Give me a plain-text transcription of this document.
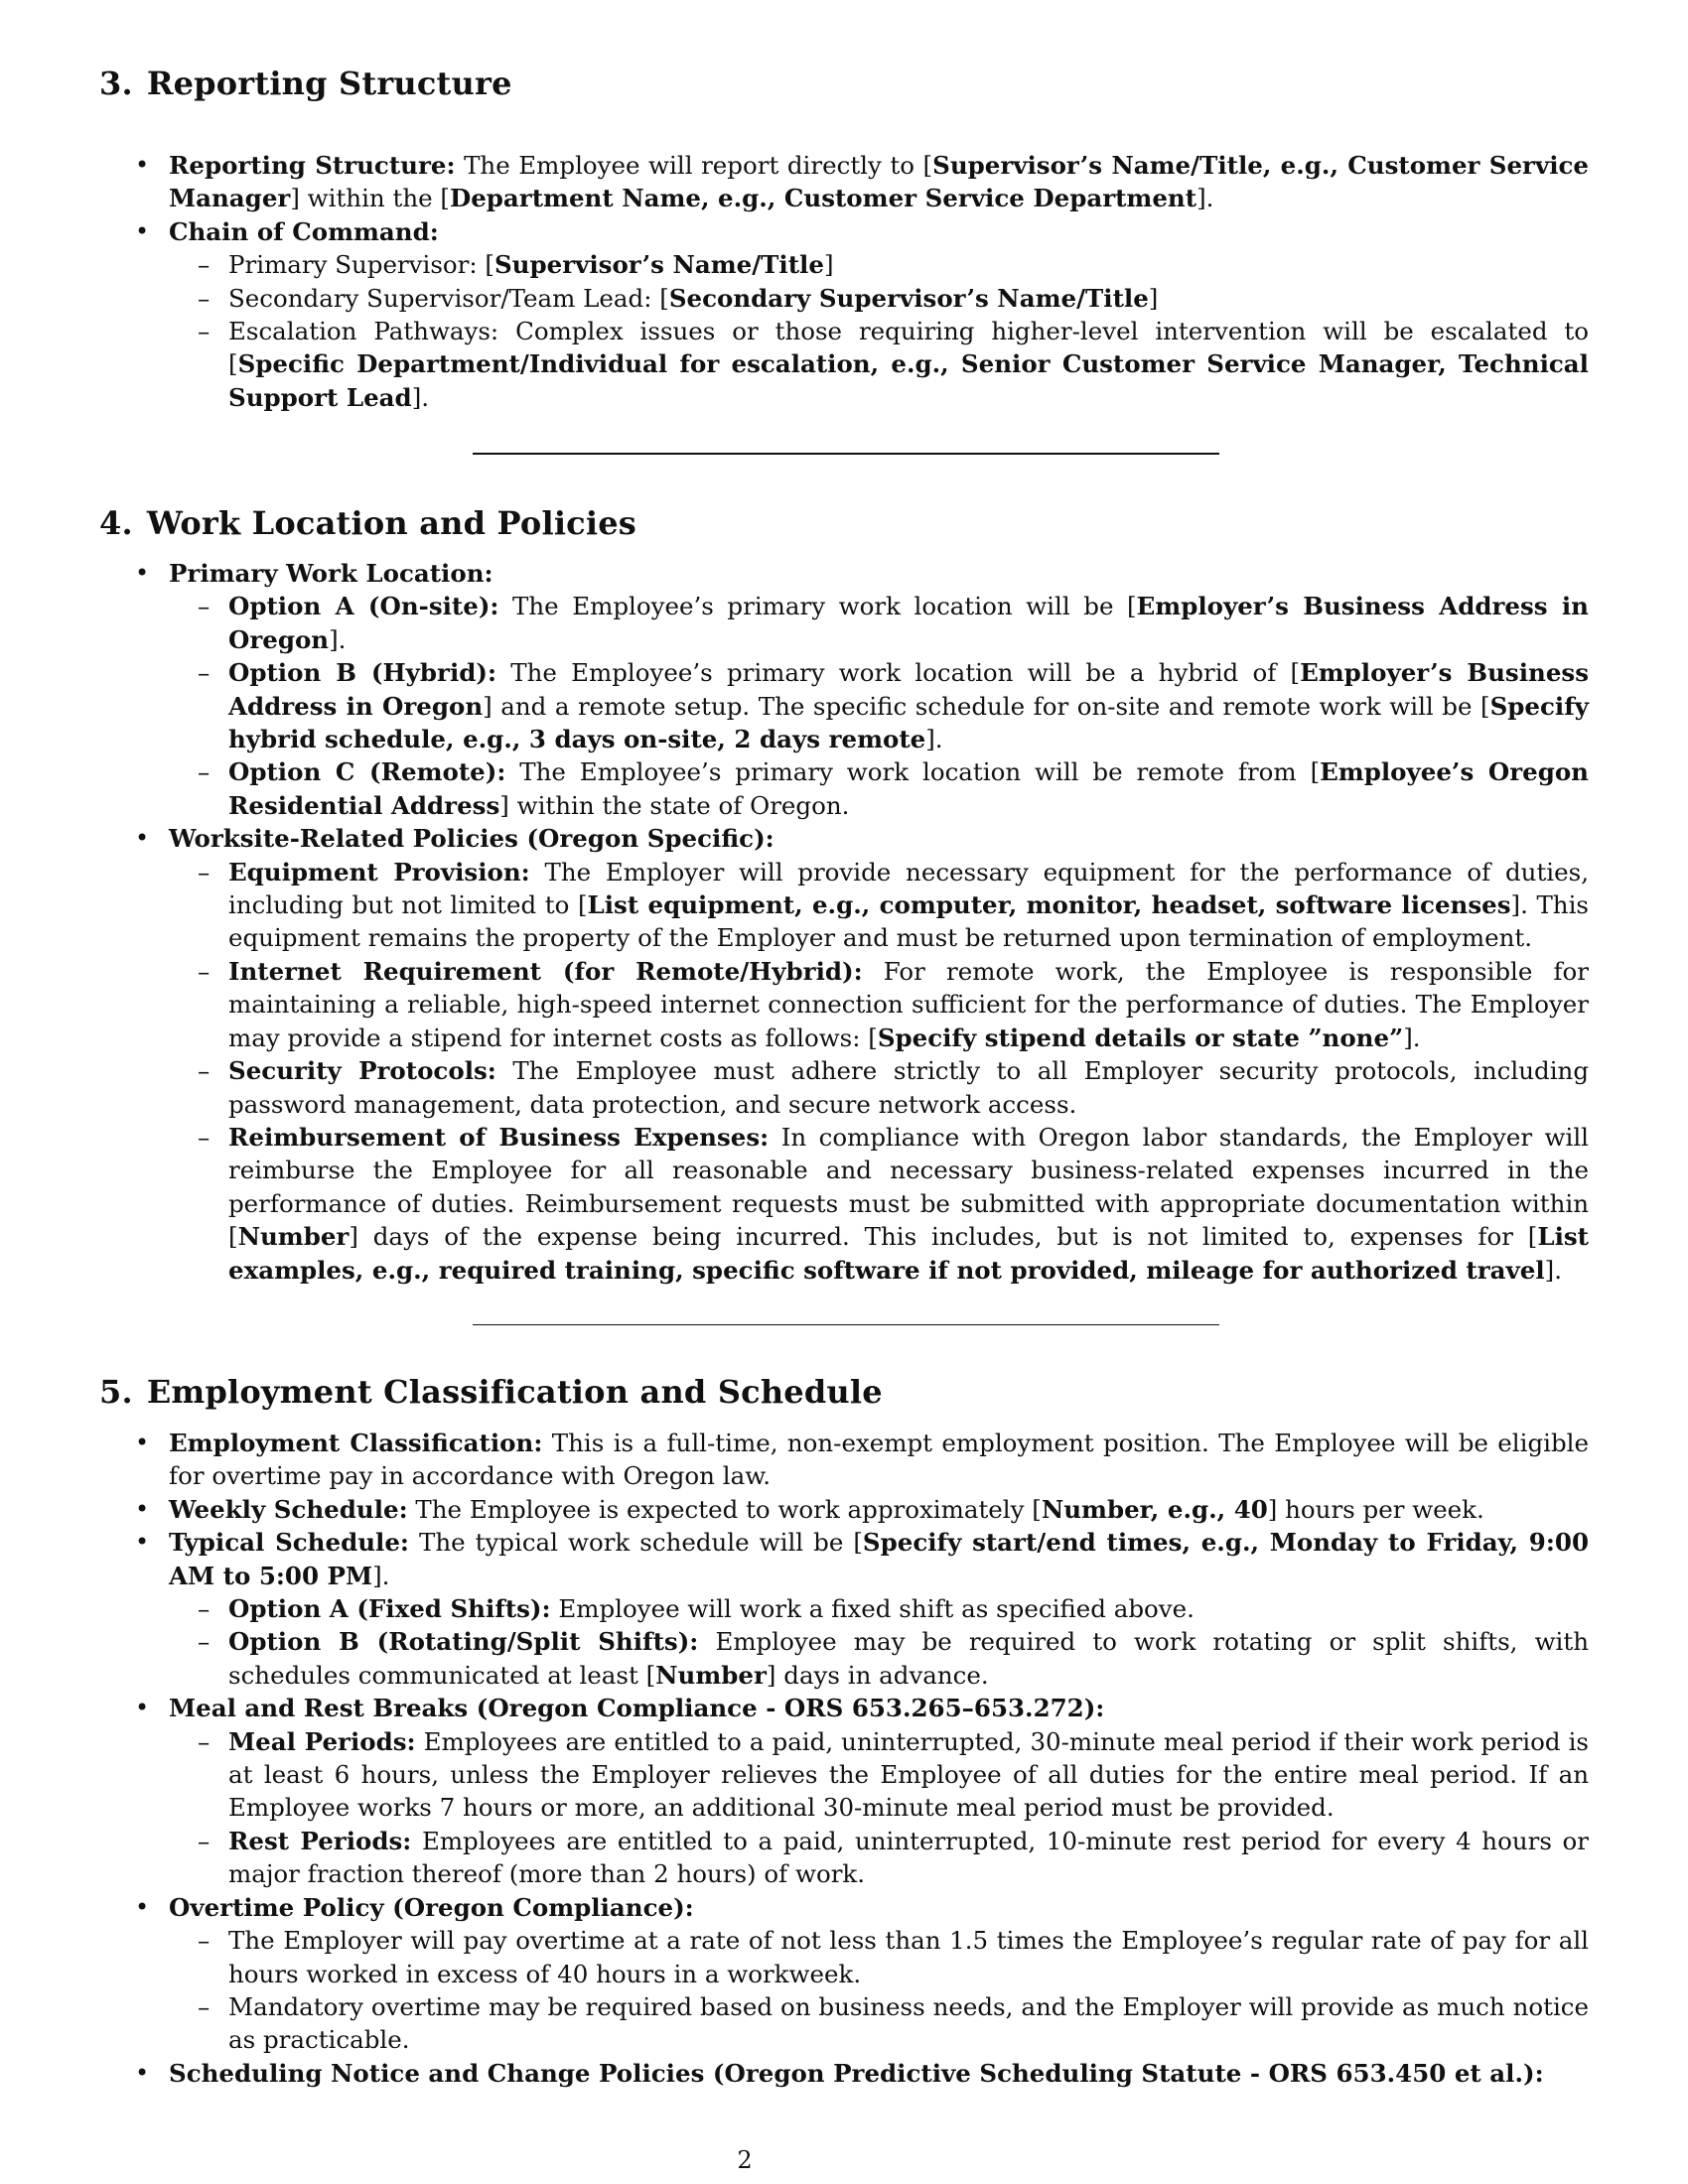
3. Reporting Structure
• Reporting Structure: The Employee will report directly to [Supervisor’s Name/Title, e.g., Customer Service Manager] within the [Department Name, e.g., Customer Service Department].
• Chain of Command:
– Primary Supervisor: [Supervisor’s Name/Title]
– Secondary Supervisor/Team Lead: [Secondary Supervisor’s Name/Title]
– Escalation Pathways: Complex issues or those requiring higher-level intervention will be escalated to [Specific Department/Individual for escalation, e.g., Senior Customer Service Manager, Technical Support Lead].
4. Work Location and Policies
• Primary Work Location:
– Option A (On-site): The Employee’s primary work location will be [Employer’s Business Address in Oregon].
– Option B (Hybrid): The Employee’s primary work location will be a hybrid of [Employer’s Business Address in Oregon] and a remote setup. The specific schedule for on-site and remote work will be [Specify hybrid schedule, e.g., 3 days on-site, 2 days remote].
– Option C (Remote): The Employee’s primary work location will be remote from [Employee’s Oregon Residential Address] within the state of Oregon.
• Worksite-Related Policies (Oregon Specific):
– Equipment Provision: The Employer will provide necessary equipment for the performance of duties, including but not limited to [List equipment, e.g., computer, monitor, headset, software licenses]. This equipment remains the property of the Employer and must be returned upon termination of employment.
– Internet Requirement (for Remote/Hybrid): For remote work, the Employee is responsible for maintaining a reliable, high-speed internet connection sufficient for the performance of duties. The Employer may provide a stipend for internet costs as follows: [Specify stipend details or state ”none”].
– Security Protocols: The Employee must adhere strictly to all Employer security protocols, including password management, data protection, and secure network access.
– Reimbursement of Business Expenses: In compliance with Oregon labor standards, the Employer will reimburse the Employee for all reasonable and necessary business-related expenses incurred in the performance of duties. Reimbursement requests must be submitted with appropriate documentation within [Number] days of the expense being incurred. This includes, but is not limited to, expenses for [List examples, e.g., required training, specific software if not provided, mileage for authorized travel].
5. Employment Classification and Schedule
• Employment Classification: This is a full-time, non-exempt employment position. The Employee will be eligible for overtime pay in accordance with Oregon law.
• Weekly Schedule: The Employee is expected to work approximately [Number, e.g., 40] hours per week.
• Typical Schedule: The typical work schedule will be [Specify start/end times, e.g., Monday to Friday, 9:00 AM to 5:00 PM].
– Option A (Fixed Shifts): Employee will work a fixed shift as specified above.
– Option B (Rotating/Split Shifts): Employee may be required to work rotating or split shifts, with schedules communicated at least [Number] days in advance.
• Meal and Rest Breaks (Oregon Compliance - ORS 653.265–653.272):
– Meal Periods: Employees are entitled to a paid, uninterrupted, 30-minute meal period if their work period is at least 6 hours, unless the Employer relieves the Employee of all duties for the entire meal period. If an Employee works 7 hours or more, an additional 30-minute meal period must be provided.
– Rest Periods: Employees are entitled to a paid, uninterrupted, 10-minute rest period for every 4 hours or major fraction thereof (more than 2 hours) of work.
• Overtime Policy (Oregon Compliance):
– The Employer will pay overtime at a rate of not less than 1.5 times the Employee’s regular rate of pay for all hours worked in excess of 40 hours in a workweek.
– Mandatory overtime may be required based on business needs, and the Employer will provide as much notice as practicable.
• Scheduling Notice and Change Policies (Oregon Predictive Scheduling Statute - ORS 653.450 et al.):
2
